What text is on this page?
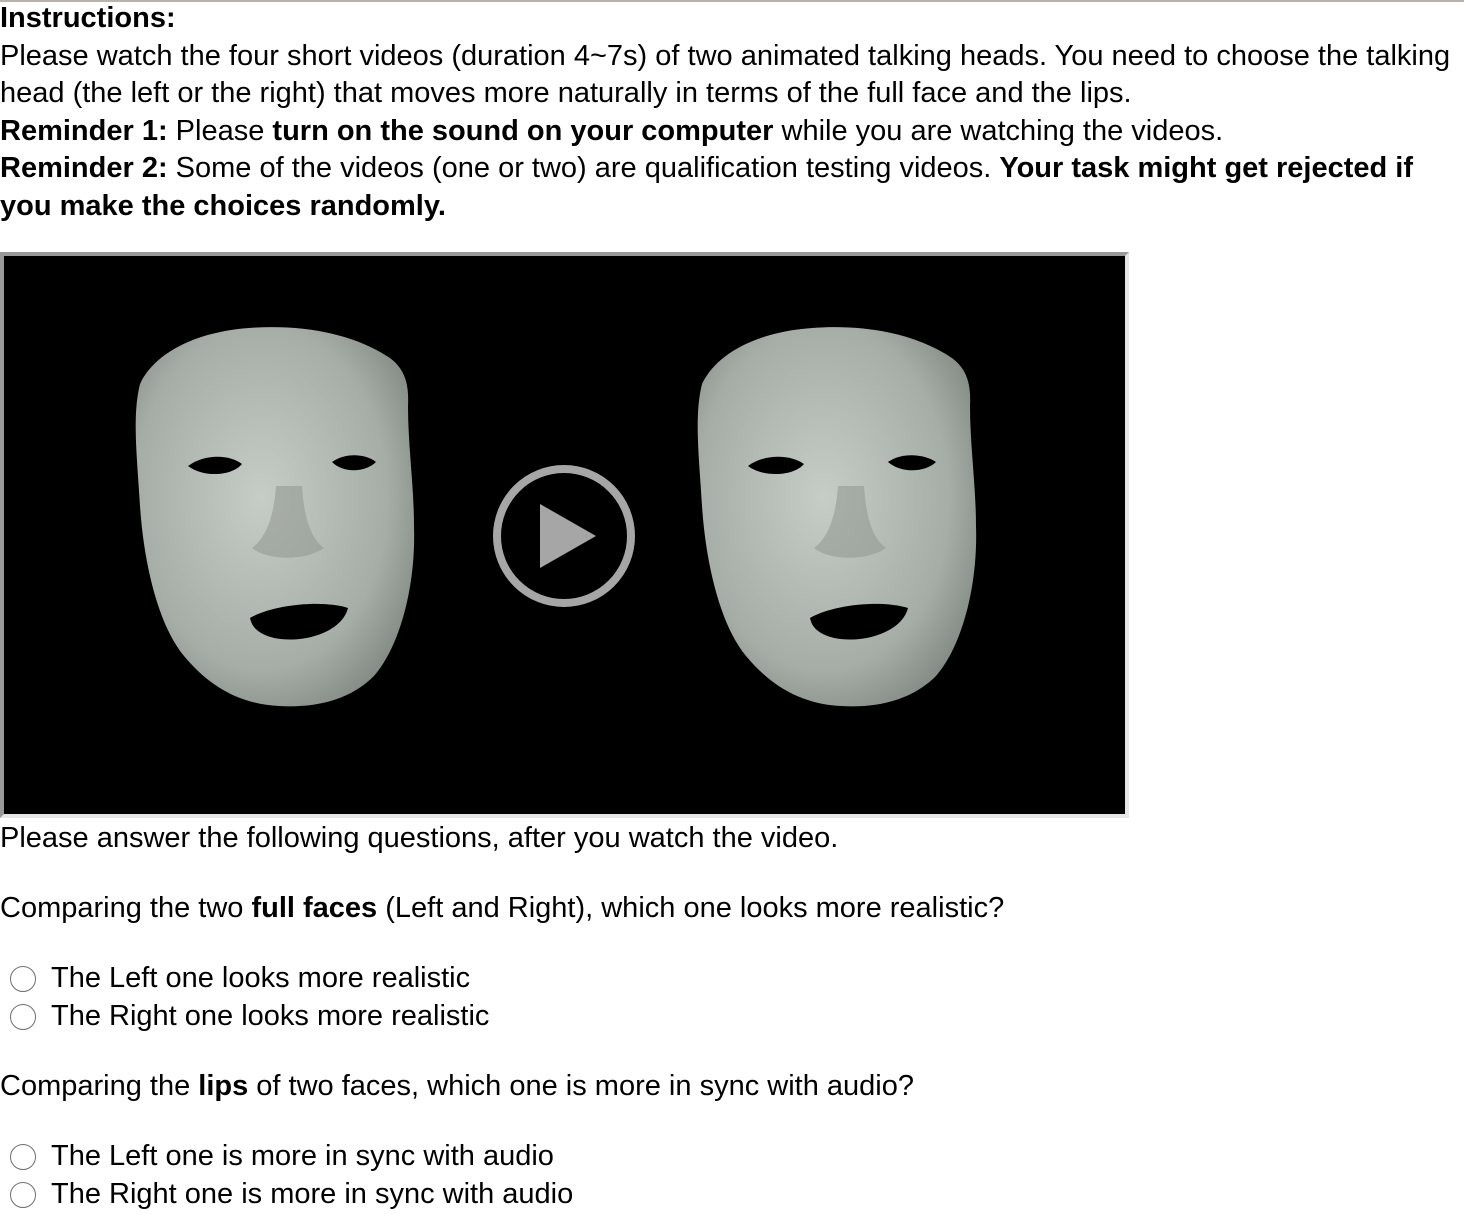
Instructions:

Please watch the four short videos (duration 4~7s) of two animated talking heads. You need to choose the talking head (the left or the right) that moves more naturally in terms of the full face and the lips.

Reminder 1: Please turn on the sound on your computer while you are watching the videos.

Reminder 2: Some of the videos (one or two) are qualification testing videos. Your task might get rejected if you make the choices randomly.

Please answer the following questions, after you watch the video.
Comparing the two full faces (Left and Right), which one looks more realistic?
The Left one looks more realistic
The Right one looks more realistic
Comparing the lips of two faces, which one is more in sync with audio?
The Left one is more in sync with audio
The Right one is more in sync with audio
